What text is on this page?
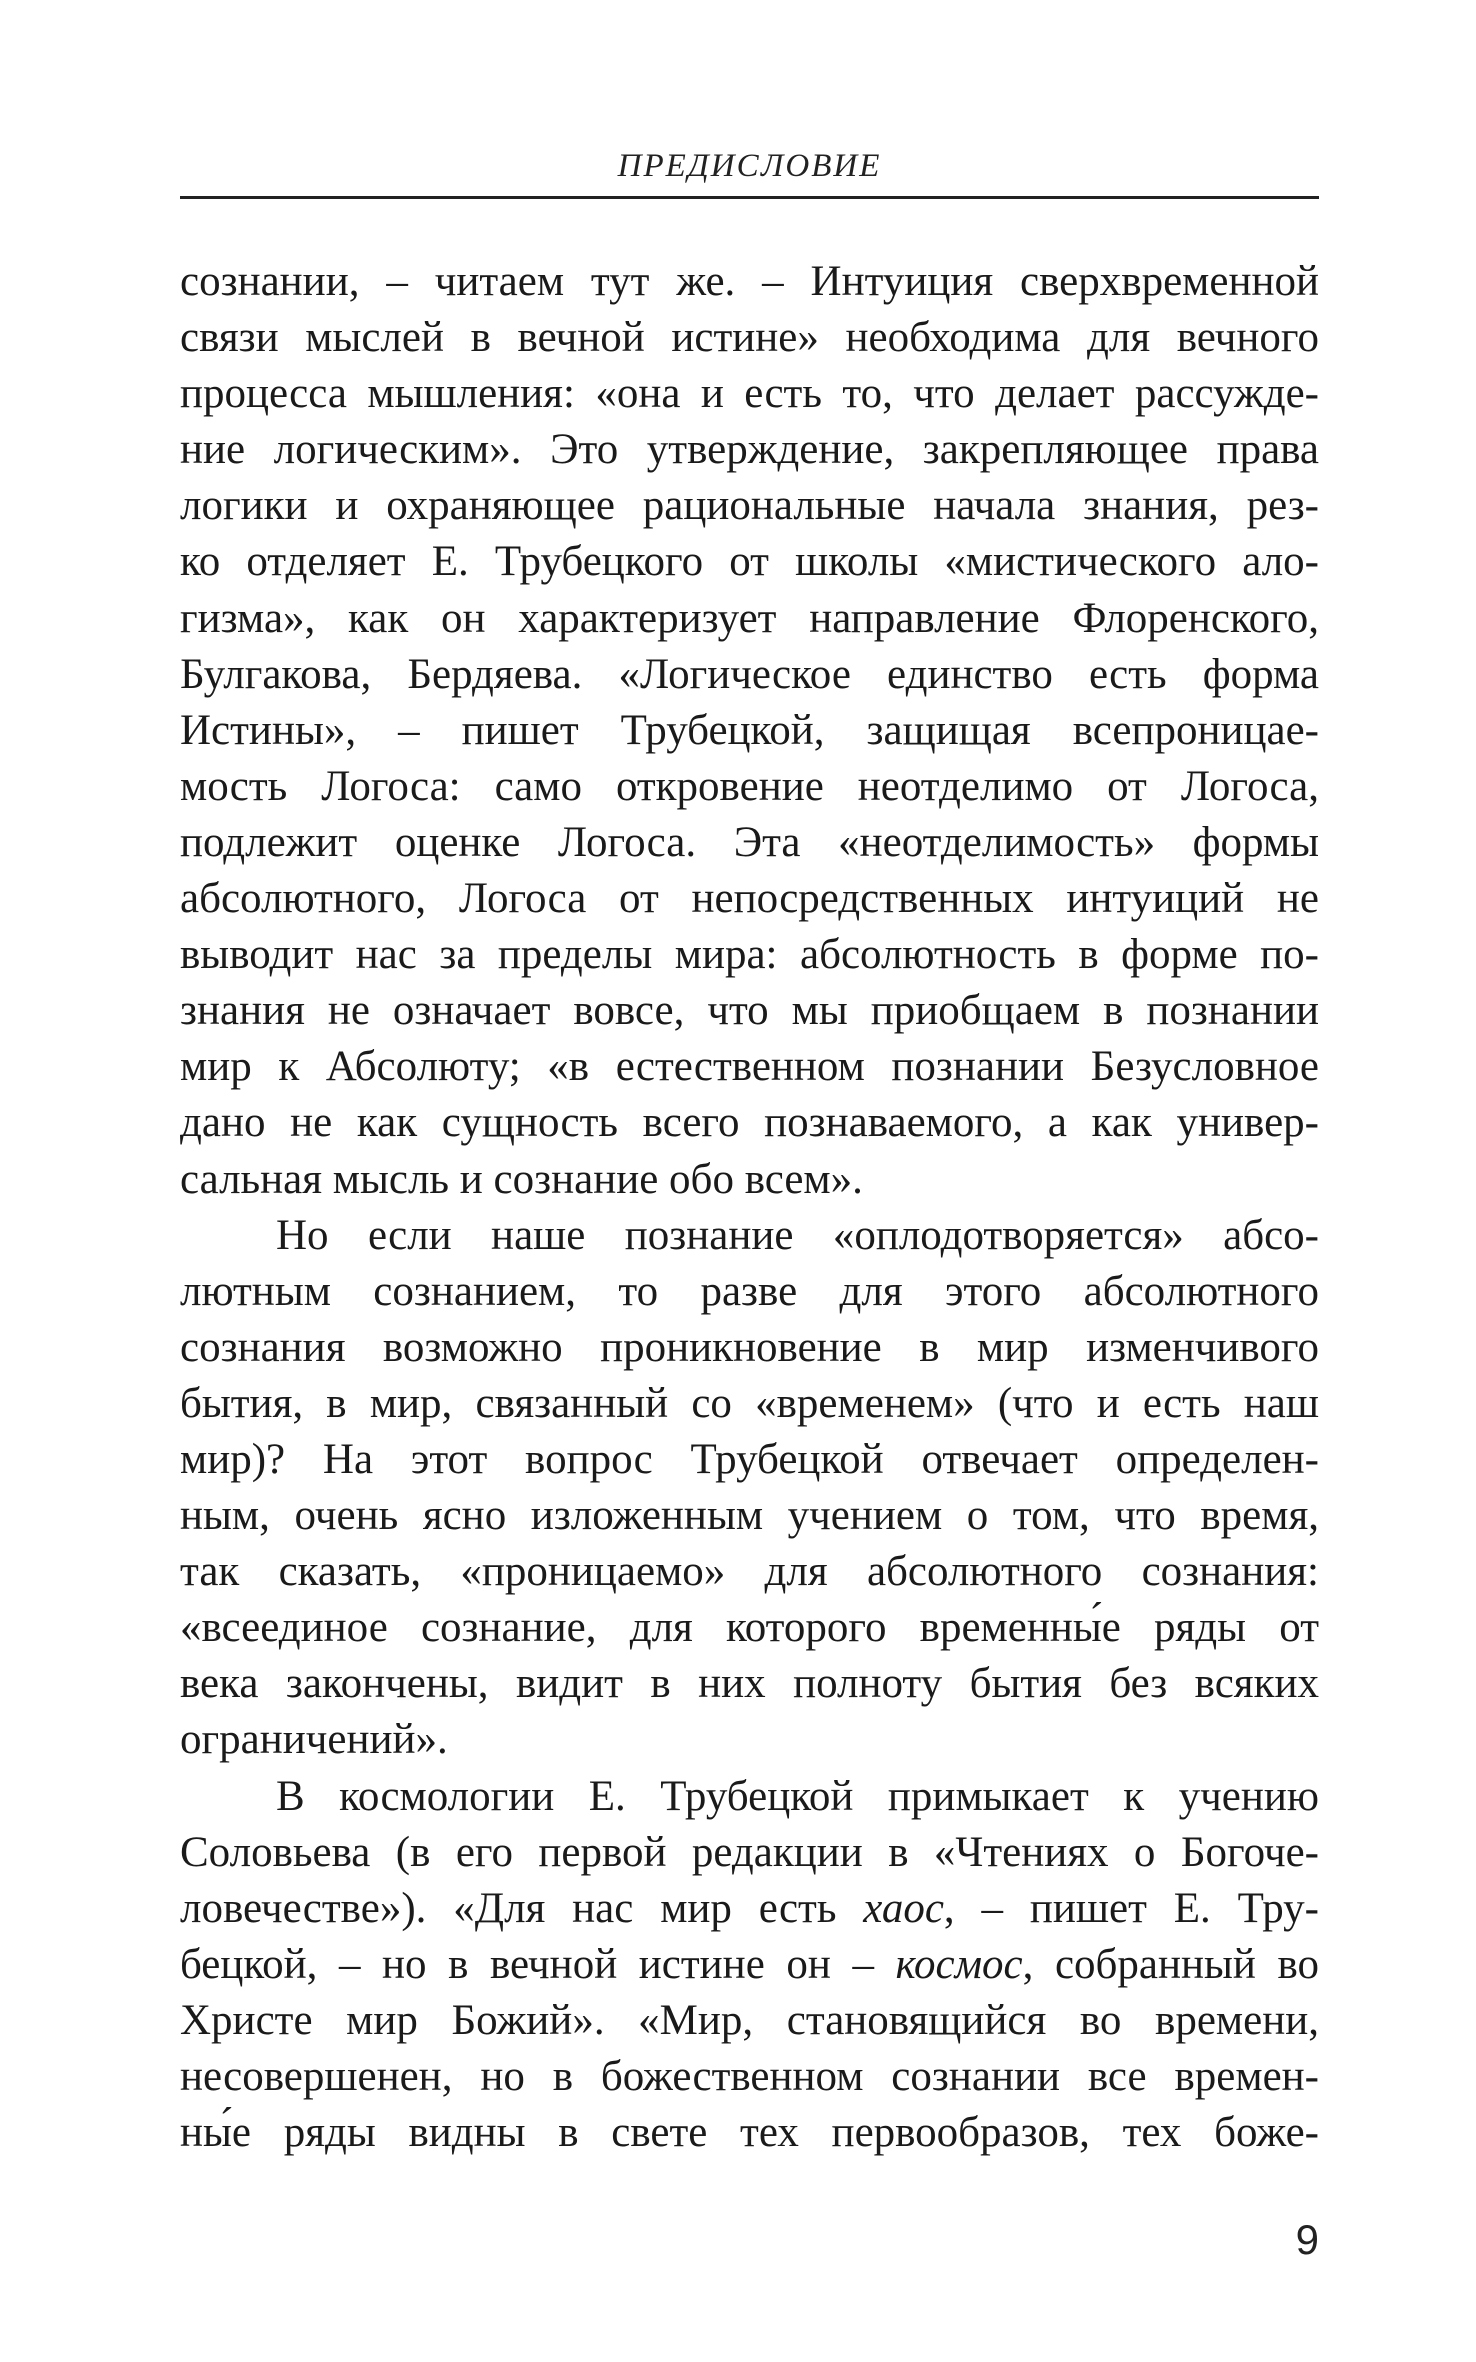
ПРЕДИСЛОВИЕ
сознании, – читаем тут же. – Интуиция сверхвременной
связи мыслей в вечной истине» необходима для вечного
процесса мышления: «она и есть то, что делает рассужде-
ние логическим». Это утверждение, закрепляющее права
логики и охраняющее рациональные начала знания, рез-
ко отделяет Е. Трубецкого от школы «мистического ало-
гизма», как он характеризует направление Флоренского,
Булгакова, Бердяева. «Логическое единство есть форма
Истины», – пишет Трубецкой, защищая всепроницае-
мость Логоса: само откровение неотделимо от Логоса,
подлежит оценке Логоса. Эта «неотделимость» формы
абсолютного, Логоса от непосредственных интуиций не
выводит нас за пределы мира: абсолютность в форме по-
знания не означает вовсе, что мы приобщаем в познании
мир к Абсолюту; «в естественном познании Безусловное
дано не как сущность всего познаваемого, а как универ-
сальная мысль и сознание обо всем».
Но если наше познание «оплодотворяется» абсо-
лютным сознанием, то разве для этого абсолютного
сознания возможно проникновение в мир изменчивого
бытия, в мир, связанный со «временем» (что и есть наш
мир)? На этот вопрос Трубецкой отвечает определен-
ным, очень ясно изложенным учением о том, что время,
так сказать, «проницаемо» для абсолютного сознания:
«всеединое сознание, для которого временны́е ряды от
века закончены, видит в них полноту бытия без всяких
ограничений».
В космологии Е. Трубецкой примыкает к учению
Соловьева (в его первой редакции в «Чтениях о Богоче-
ловечестве»). «Для нас мир есть хаос, – пишет Е. Тру-
бецкой, – но в вечной истине он – космос, собранный во
Христе мир Божий». «Мир, становящийся во времени,
несовершенен, но в божественном сознании все времен-
ны́е ряды видны в свете тех первообразов, тех боже-
9
